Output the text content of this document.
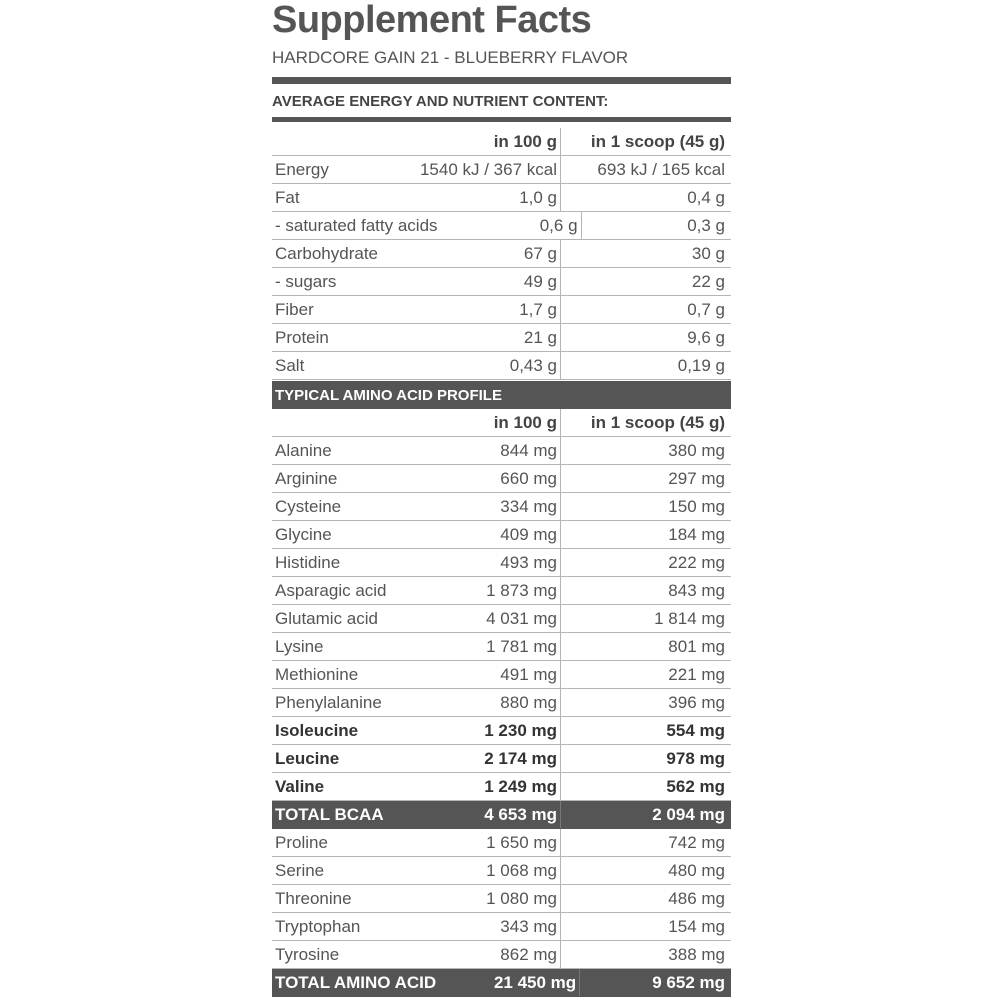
Supplement Facts
HARDCORE GAIN 21 - BLUEBERRY FLAVOR
AVERAGE ENERGY AND NUTRIENT CONTENT:
in 100 g	in 1 scoop (45 g)
Energy	1540 kJ / 367 kcal	693 kJ / 165 kcal
Fat	1,0 g	0,4 g
- saturated fatty acids	0,6 g	0,3 g
Carbohydrate	67 g	30 g
- sugars	49 g	22 g
Fiber	1,7 g	0,7 g
Protein	21 g	9,6 g
Salt	0,43 g	0,19 g
TYPICAL AMINO ACID PROFILE
in 100 g	in 1 scoop (45 g)
Alanine	844 mg	380 mg
Arginine	660 mg	297 mg
Cysteine	334 mg	150 mg
Glycine	409 mg	184 mg
Histidine	493 mg	222 mg
Asparagic acid	1 873 mg	843 mg
Glutamic acid	4 031 mg	1 814 mg
Lysine	1 781 mg	801 mg
Methionine	491 mg	221 mg
Phenylalanine	880 mg	396 mg
Isoleucine	1 230 mg	554 mg
Leucine	2 174 mg	978 mg
Valine	1 249 mg	562 mg
TOTAL BCAA	4 653 mg	2 094 mg
Proline	1 650 mg	742 mg
Serine	1 068 mg	480 mg
Threonine	1 080 mg	486 mg
Tryptophan	343 mg	154 mg
Tyrosine	862 mg	388 mg
TOTAL AMINO ACID	21 450 mg	9 652 mg
